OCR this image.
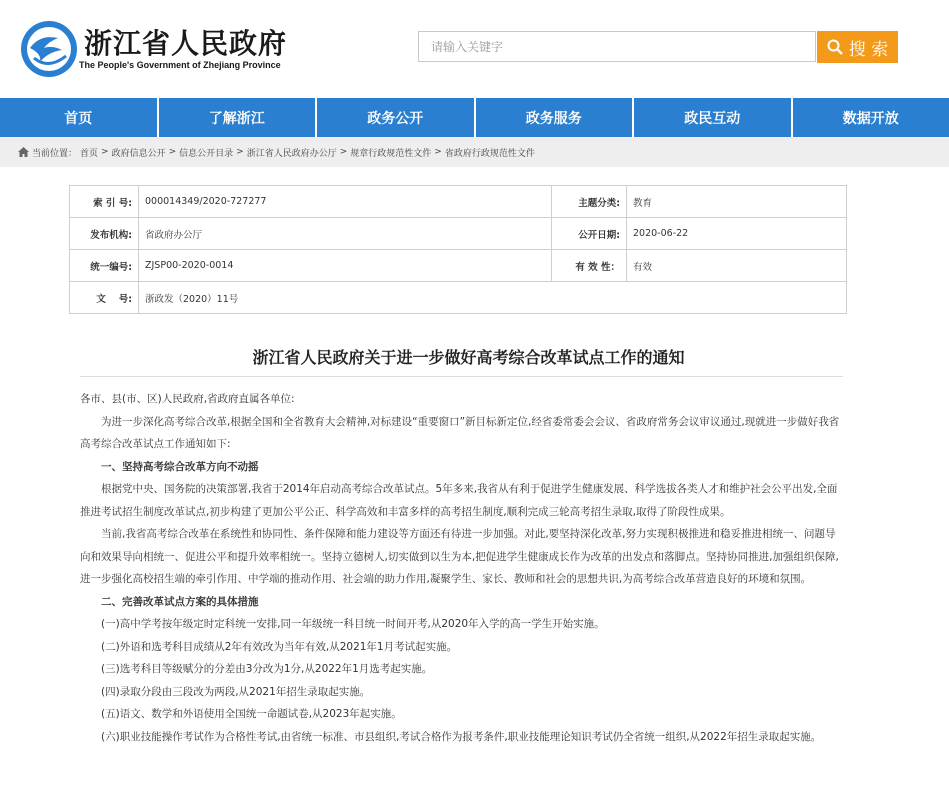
浙江省人民政府
The People's Government of Zhejiang Province
请输入关键字
搜 索
首页	了解浙江	政务公开	政务服务	政民互动	数据开放
当前位置： 首页 > 政府信息公开 > 信息公开目录 > 浙江省人民政府办公厅 > 规章行政规范性文件 > 省政府行政规范性文件
索 引 号:	000014349/2020-727277	主题分类:	教育
发布机构:	省政府办公厅	公开日期:	2020-06-22
统一编号:	ZJSP00-2020-0014	有 效 性：	有效
文　 号:	浙政发（2020）11号		
浙江省人民政府关于进一步做好高考综合改革试点工作的通知

各市、县(市、区)人民政府,省政府直属各单位:

为进一步深化高考综合改革,根据全国和全省教育大会精神,对标建设“重要窗口”新目标新定位,经省委常委会会议、省政府常务会议审议通过,现就进一步做好我省高考综合改革试点工作通知如下:

一、坚持高考综合改革方向不动摇

根据党中央、国务院的决策部署,我省于2014年启动高考综合改革试点。5年多来,我省从有利于促进学生健康发展、科学选拔各类人才和维护社会公平出发,全面推进考试招生制度改革试点,初步构建了更加公平公正、科学高效和丰富多样的高考招生制度,顺利完成三轮高考招生录取,取得了阶段性成果。

当前,我省高考综合改革在系统性和协同性、条件保障和能力建设等方面还有待进一步加强。对此,要坚持深化改革,努力实现积极推进和稳妥推进相统一、问题导向和效果导向相统一、促进公平和提升效率相统一。坚持立德树人,切实做到以生为本,把促进学生健康成长作为改革的出发点和落脚点。坚持协同推进,加强组织保障,进一步强化高校招生端的牵引作用、中学端的推动作用、社会端的助力作用,凝聚学生、家长、教师和社会的思想共识,为高考综合改革营造良好的环境和氛围。

二、完善改革试点方案的具体措施

(一)高中学考按年级定时定科统一安排,同一年级统一科目统一时间开考,从2020年入学的高一学生开始实施。

(二)外语和选考科目成绩从2年有效改为当年有效,从2021年1月考试起实施。

(三)选考科目等级赋分的分差由3分改为1分,从2022年1月选考起实施。

(四)录取分段由三段改为两段,从2021年招生录取起实施。

(五)语文、数学和外语使用全国统一命题试卷,从2023年起实施。

(六)职业技能操作考试作为合格性考试,由省统一标准、市县组织,考试合格作为报考条件,职业技能理论知识考试仍全省统一组织,从2022年招生录取起实施。
